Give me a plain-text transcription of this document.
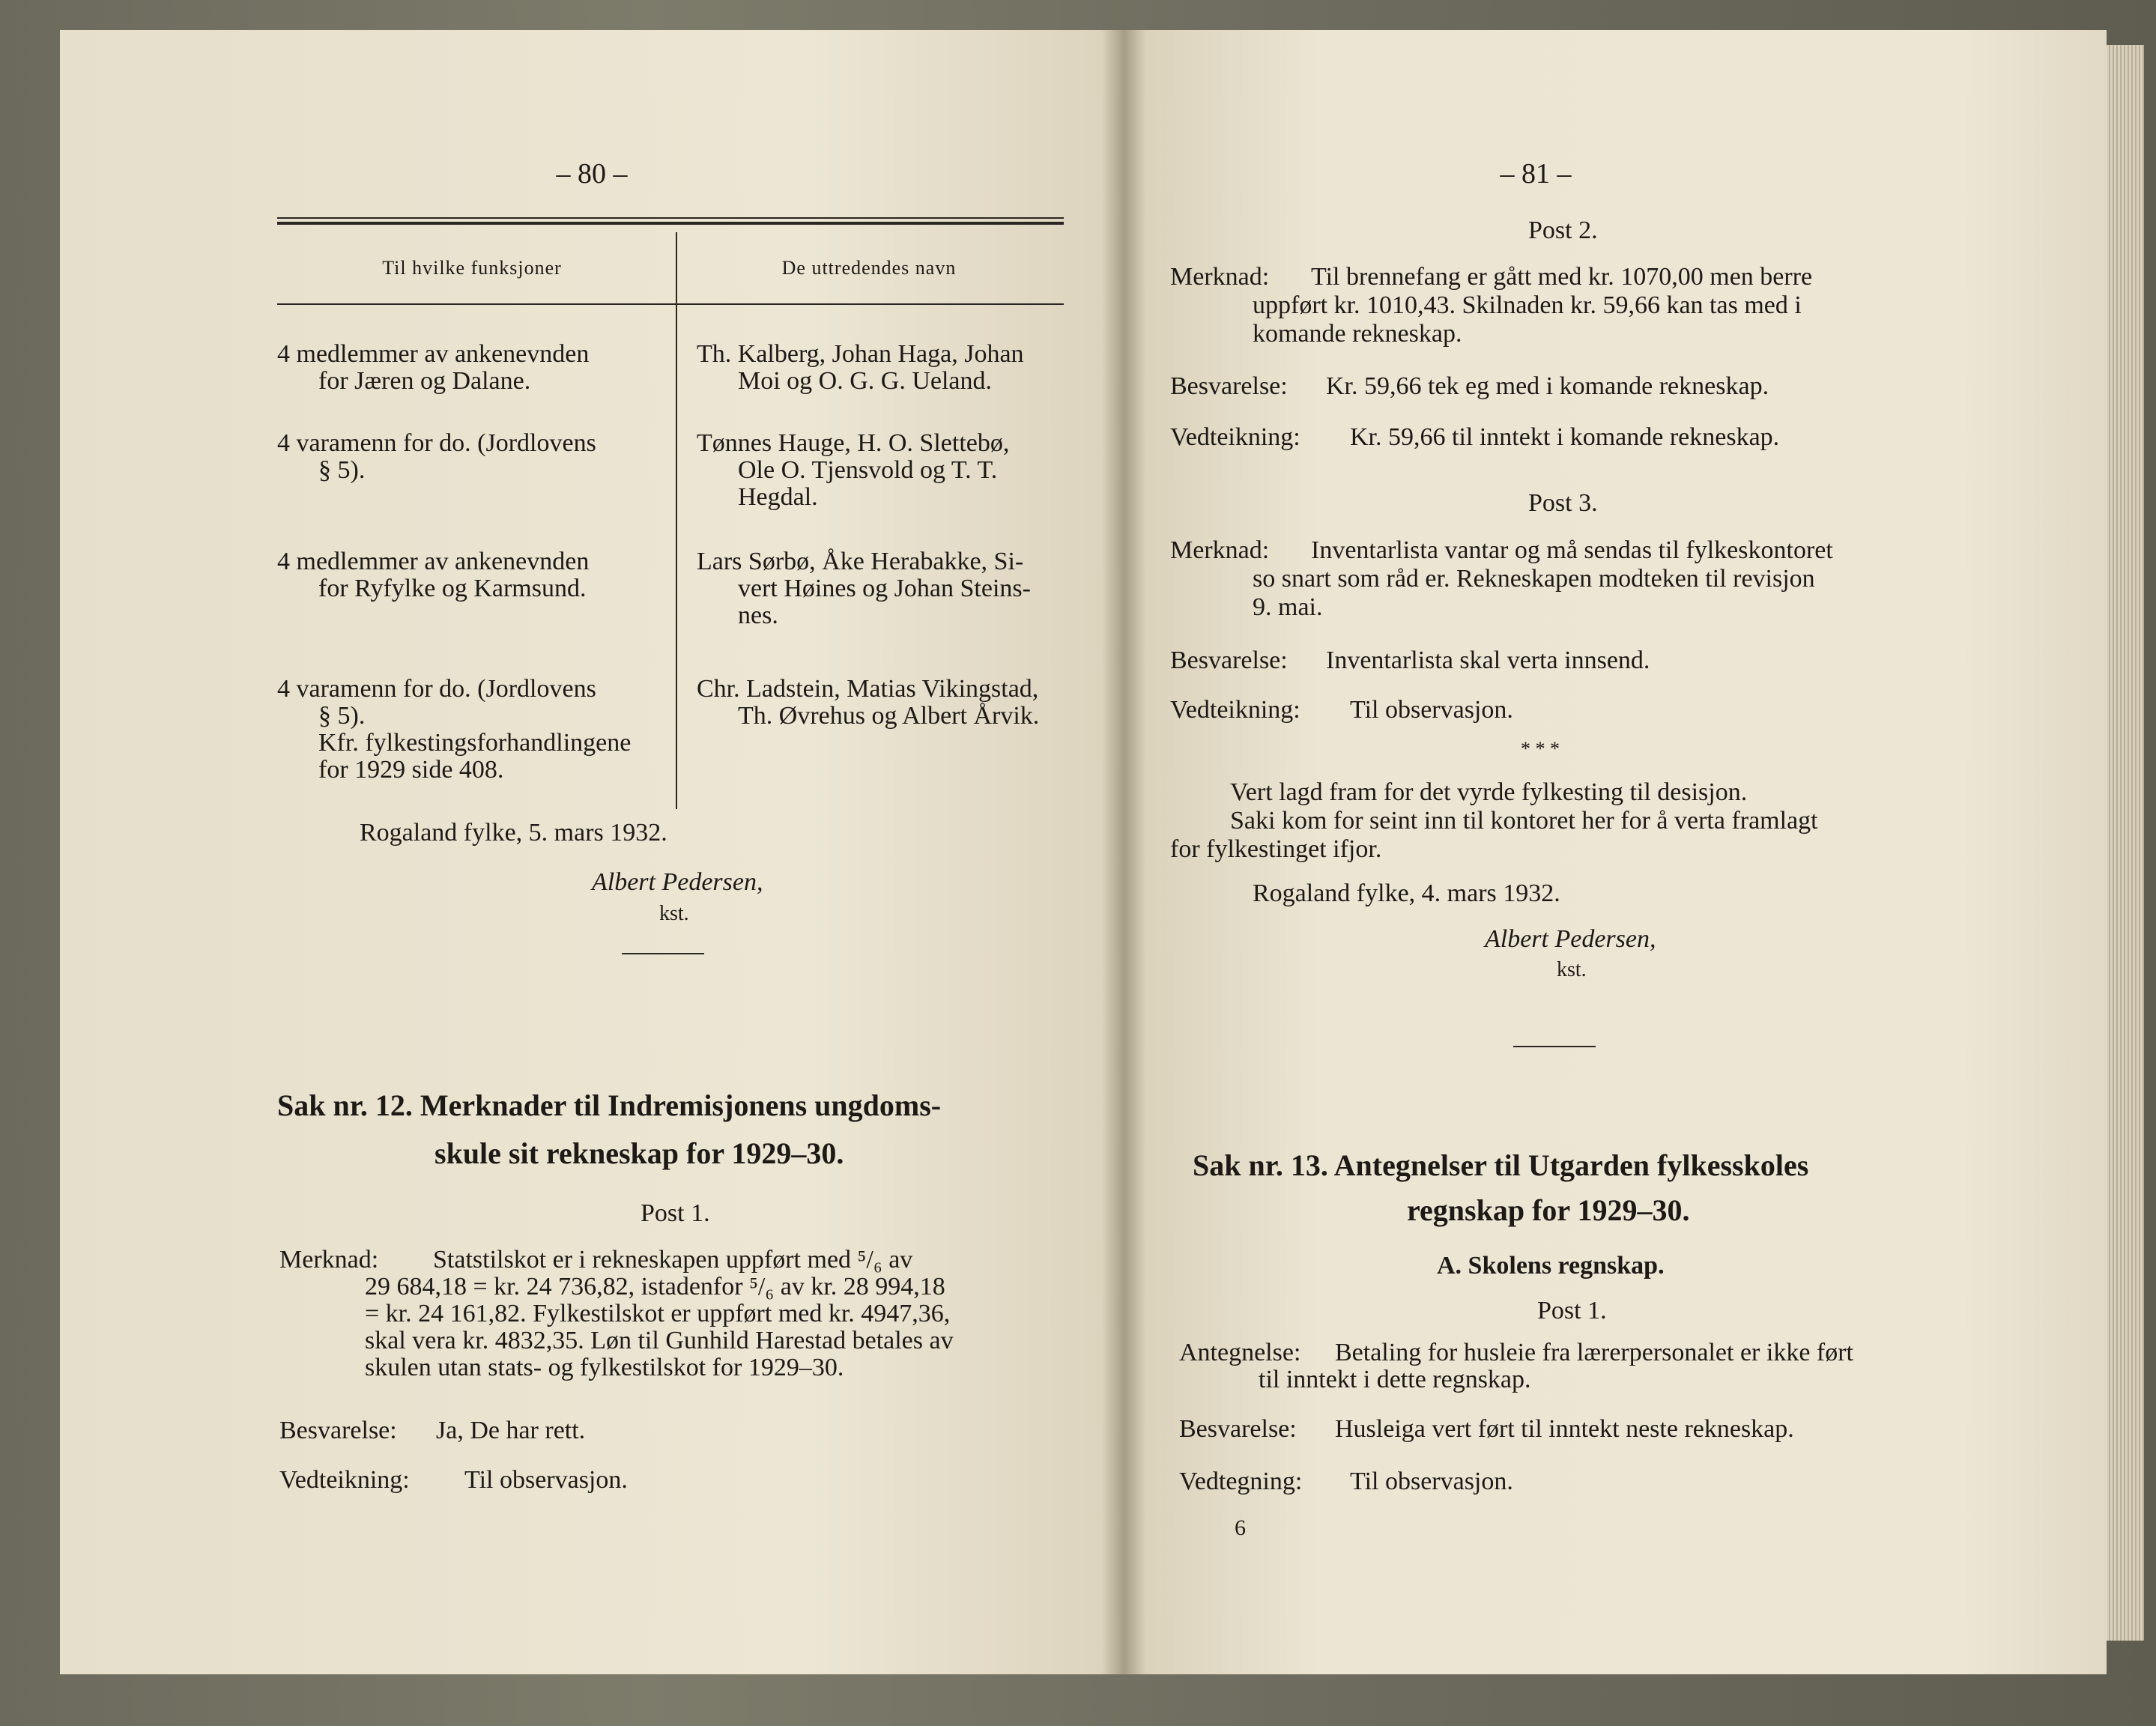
– 80 –

Til hvilke funksjoner	De uttredendes navn

4 medlemmer av ankenevnden

for Jæren og Dalane.

Th. Kalberg, Johan Haga, Johan

Moi og O. G. G. Ueland.

4 varamenn for do. (Jordlovens

§ 5).

Tønnes Hauge, H. O. Slettebø,

Ole O. Tjensvold og T. T.

Hegdal.

4 medlemmer av ankenevnden

for Ryfylke og Karmsund.

Lars Sørbø, Åke Herabakke, Si-

vert Høines og Johan Steins-

nes.

4 varamenn for do. (Jordlovens

§ 5).

Kfr. fylkestingsforhandlingene

for 1929 side 408.

Chr. Ladstein, Matias Vikingstad,

Th. Øvrehus og Albert Årvik.

Rogaland fylke, 5. mars 1932.

Albert Pedersen,

kst.

Sak nr. 12. Merknader til Indremisjonens ungdoms-

skule sit rekneskap for 1929–30.

Post 1.

Merknad: Statstilskot er i rekneskapen uppført med ⁵/₆ av

29 684,18 = kr. 24 736,82, istadenfor ⁵/₆ av kr. 28 994,18

= kr. 24 161,82. Fylkestilskot er uppført med kr. 4947,36,

skal vera kr. 4832,35. Løn til Gunhild Harestad betales av

skulen utan stats- og fylkestilskot for 1929–30.

Besvarelse: Ja, De har rett.

Vedteikning: Til observasjon.

– 81 –

Post 2.

Merknad: Til brennefang er gått med kr. 1070,00 men berre

uppført kr. 1010,43. Skilnaden kr. 59,66 kan tas med i

komande rekneskap.

Besvarelse: Kr. 59,66 tek eg med i komande rekneskap.

Vedteikning: Kr. 59,66 til inntekt i komande rekneskap.

Post 3.

Merknad: Inventarlista vantar og må sendas til fylkeskontoret

so snart som råd er. Rekneskapen modteken til revisjon

9. mai.

Besvarelse: Inventarlista skal verta innsend.

Vedteikning: Til observasjon.

* * *

Vert lagd fram for det vyrde fylkesting til desisjon.

Saki kom for seint inn til kontoret her for å verta framlagt

for fylkestinget ifjor.

Rogaland fylke, 4. mars 1932.

Albert Pedersen,

kst.

Sak nr. 13. Antegnelser til Utgarden fylkesskoles

regnskap for 1929–30.

A. Skolens regnskap.

Post 1.

Antegnelse: Betaling for husleie fra lærerpersonalet er ikke ført

til inntekt i dette regnskap.

Besvarelse: Husleiga vert ført til inntekt neste rekneskap.

Vedtegning: Til observasjon.

6
